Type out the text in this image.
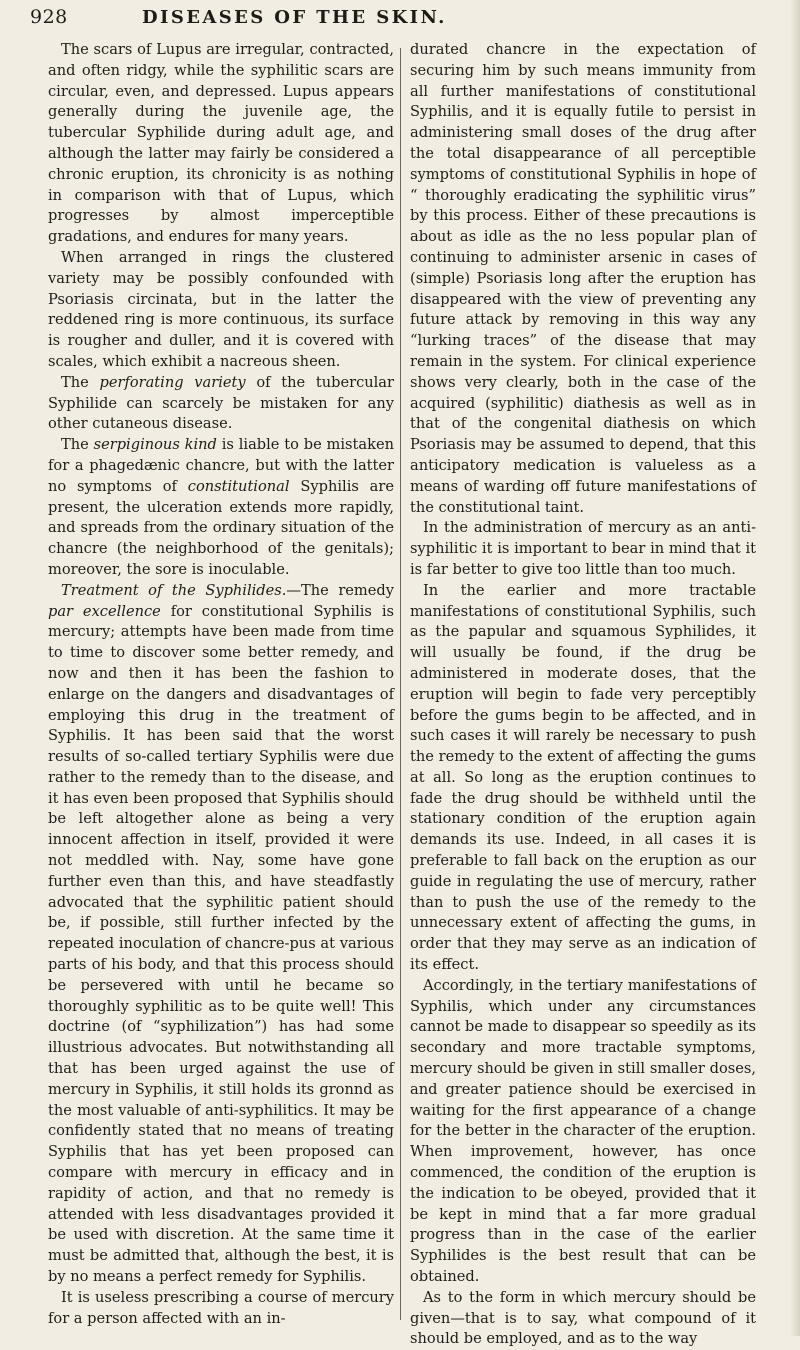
928	DISEASES OF THE SKIN.

The scars of Lupus are irregular, contracted, and often ridgy, while the syphilitic scars are circular, even, and depressed. Lupus appears generally during the juvenile age, the tubercular Syphilide during adult age, and although the latter may fairly be considered a chronic eruption, its chronicity is as nothing in comparison with that of Lupus, which progresses by almost imperceptible gradations, and endures for many years.

When arranged in rings the clustered variety may be possibly confounded with Psoriasis circinata, but in the latter the reddened ring is more continuous, its surface is rougher and duller, and it is covered with scales, which exhibit a nacreous sheen.

The perforating variety of the tubercular Syphilide can scarcely be mistaken for any other cutaneous disease.

The serpiginous kind is liable to be mistaken for a phagedænic chancre, but with the latter no symptoms of constitutional Syphilis are present, the ulceration extends more rapidly, and spreads from the ordinary situation of the chancre (the neighborhood of the genitals); moreover, the sore is inoculable.

Treatment of the Syphilides.—The remedy par excellence for constitutional Syphilis is mercury; attempts have been made from time to time to discover some better remedy, and now and then it has been the fashion to enlarge on the dangers and disadvantages of employing this drug in the treatment of Syphilis. It has been said that the worst results of so-called tertiary Syphilis were due rather to the remedy than to the disease, and it has even been proposed that Syphilis should be left altogether alone as being a very innocent affection in itself, provided it were not meddled with. Nay, some have gone further even than this, and have steadfastly advocated that the syphilitic patient should be, if possible, still further infected by the repeated inoculation of chancre-pus at various parts of his body, and that this process should be persevered with until he became so thoroughly syphilitic as to be quite well! This doctrine (of “syphilization”) has had some illustrious advocates. But notwithstanding all that has been urged against the use of mercury in Syphilis, it still holds its gronnd as the most valuable of anti-syphilitics. It may be confidently stated that no means of treating Syphilis that has yet been proposed can compare with mercury in efficacy and in rapidity of action, and that no remedy is attended with less disadvantages provided it be used with discretion. At the same time it must be admitted that, although the best, it is by no means a perfect remedy for Syphilis.

It is useless prescribing a course of mercury for a person affected with an in-

durated chancre in the expectation of securing him by such means immunity from all further manifestations of constitutional Syphilis, and it is equally futile to persist in administering small doses of the drug after the total disappearance of all perceptible symptoms of constitutional Syphilis in hope of “ thoroughly eradicating the syphilitic virus” by this process. Either of these precautions is about as idle as the no less popular plan of continuing to administer arsenic in cases of (simple) Psoriasis long after the eruption has disappeared with the view of preventing any future attack by removing in this way any “lurking traces” of the disease that may remain in the system. For clinical experience shows very clearly, both in the case of the acquired (syphilitic) diathesis as well as in that of the congenital diathesis on which Psoriasis may be assumed to depend, that this anticipatory medication is valueless as a means of warding off future manifestations of the constitutional taint.

In the administration of mercury as an anti-syphilitic it is important to bear in mind that it is far better to give too little than too much.

In the earlier and more tractable manifestations of constitutional Syphilis, such as the papular and squamous Syphilides, it will usually be found, if the drug be administered in moderate doses, that the eruption will begin to fade very perceptibly before the gums begin to be affected, and in such cases it will rarely be necessary to push the remedy to the extent of affecting the gums at all. So long as the eruption continues to fade the drug should be withheld until the stationary condition of the eruption again demands its use. Indeed, in all cases it is preferable to fall back on the eruption as our guide in regulating the use of mercury, rather than to push the use of the remedy to the unnecessary extent of affecting the gums, in order that they may serve as an indication of its effect.

Accordingly, in the tertiary manifestations of Syphilis, which under any circumstances cannot be made to disappear so speedily as its secondary and more tractable symptoms, mercury should be given in still smaller doses, and greater patience should be exercised in waiting for the first appearance of a change for the better in the character of the eruption. When improvement, however, has once commenced, the condition of the eruption is the indication to be obeyed, provided that it be kept in mind that a far more gradual progress than in the case of the earlier Syphilides is the best result that can be obtained.

As to the form in which mercury should be given—that is to say, what compound of it should be employed, and as to the way
